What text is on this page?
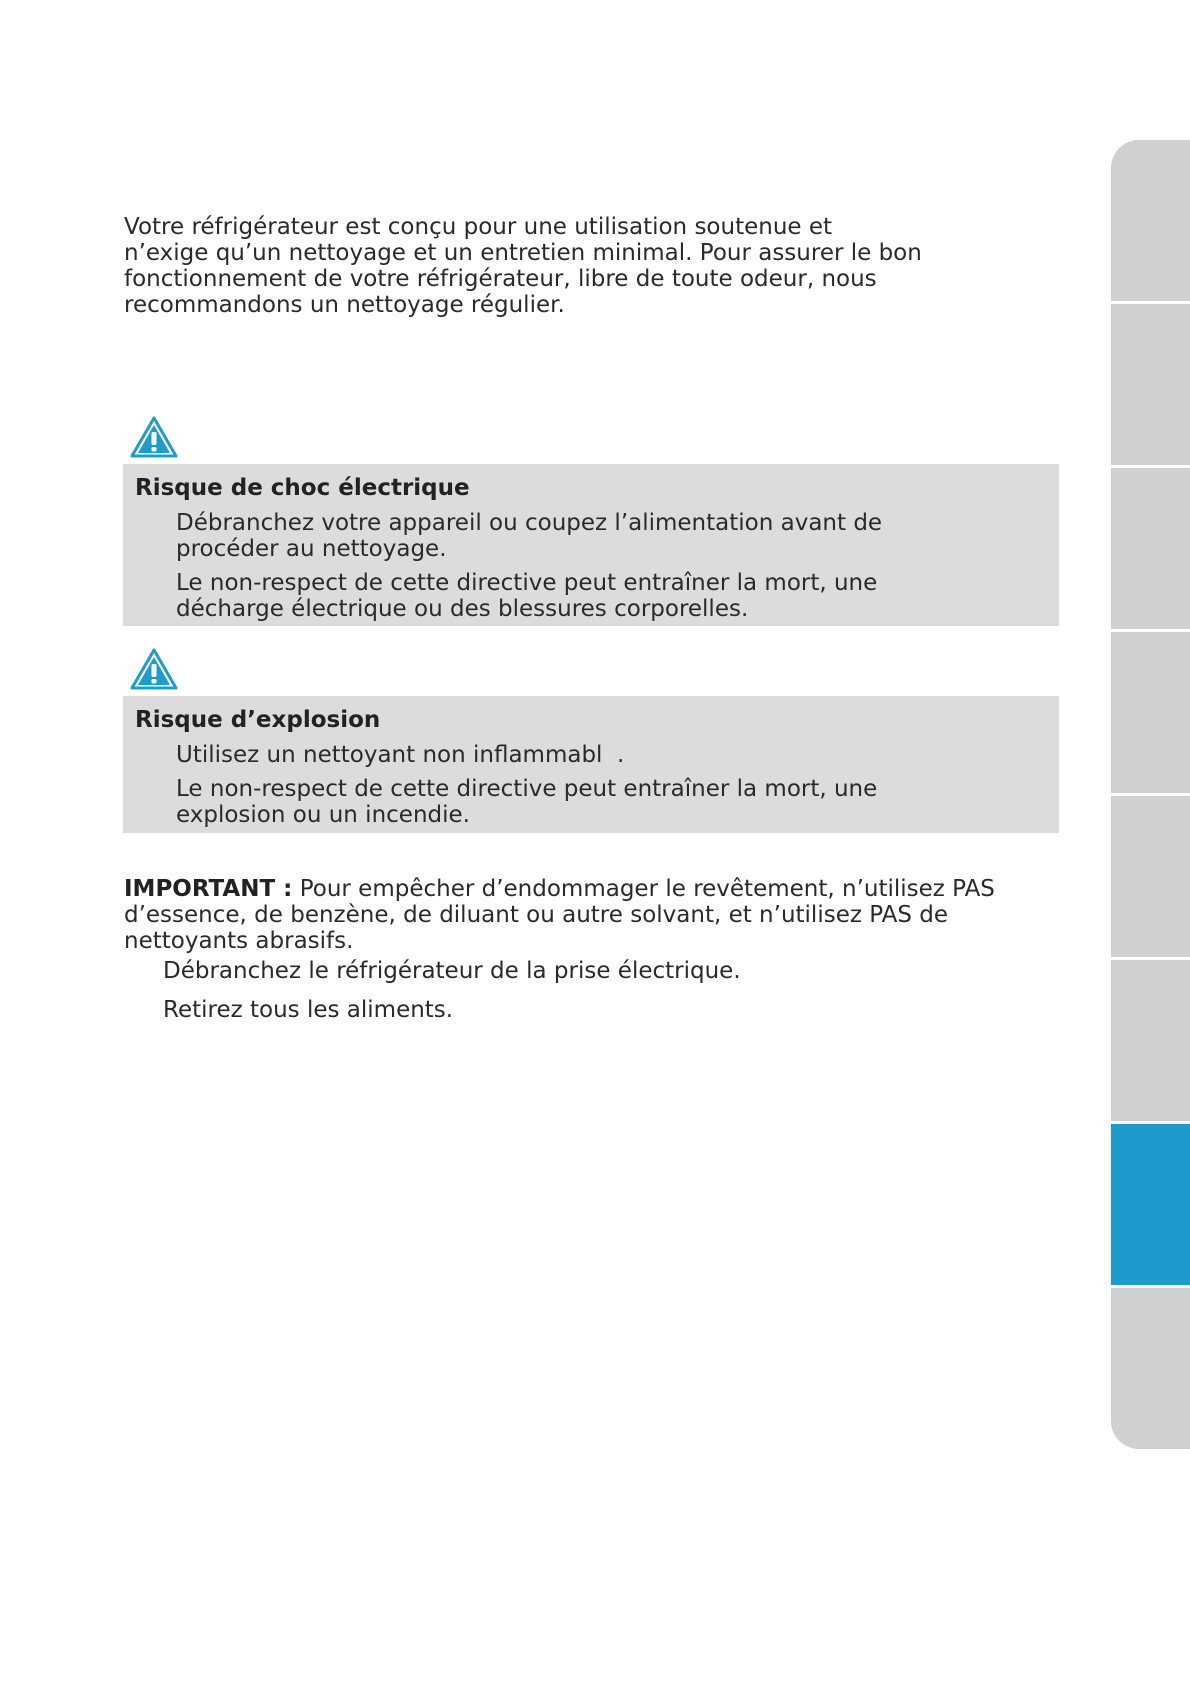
Votre réfrigérateur est conçu pour une utilisation soutenue et
n’exige qu’un nettoyage et un entretien minimal. Pour assurer le bon
fonctionnement de votre réfrigérateur, libre de toute odeur, nous
recommandons un nettoyage régulier.

Risque de choc électrique

Débranchez votre appareil ou coupez l’alimentation avant de
procéder au nettoyage.

Le non-respect de cette directive peut entraîner la mort, une
décharge électrique ou des blessures corporelles.

Risque d’explosion

Utilisez un nettoyant non inflammabl  .

Le non-respect de cette directive peut entraîner la mort, une
explosion ou un incendie.

IMPORTANT : Pour empêcher d’endommager le revêtement, n’utilisez PAS
d’essence, de benzène, de diluant ou autre solvant, et n’utilisez PAS de
nettoyants abrasifs.

Débranchez le réfrigérateur de la prise électrique.

Retirez tous les aliments.
